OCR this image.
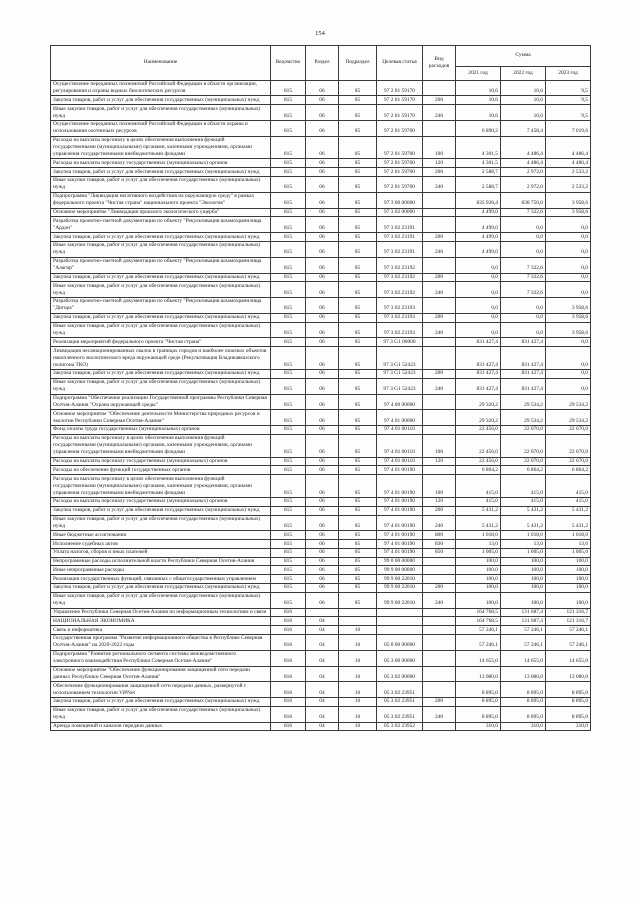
154
Наименование	Ведомство	Раздел	Подраздел	Целевая статья	Вид расходов	Сумма		
						2021 год	2022 год	2023 год
Осуществление переданных полномочий Российской Федерации в области организации, регулирования и охраны водных биологических ресурсов	815	06	05	97 2 01 59170		10,6	10,6	9,5
Закупка товаров, работ и услуг для обеспечения государственных (муниципальных) нужд	815	06	05	97 2 01 59170	200	10,6	10,6	9,5
Иные закупки товаров, работ и услуг для обеспечения государственных (муниципальных) нужд	815	06	05	97 2 01 59170	240	10,6	10,6	9,5
Осуществление переданных полномочий Российской Федерации в области охраны и использования охотничьих ресурсов	815	06	05	97 2 01 59700		6 890,2	7 458,4	7 019,6
Расходы на выплаты персоналу в целях обеспечения выполнения функций государственными (муниципальными) органами, казенными учреждениями, органами управления государственными внебюджетными фондами	815	06	05	97 2 01 59700	100	4 301,5	4 486,4	4 486,4
Расходы на выплаты персоналу государственных (муниципальных) органов	815	06	05	97 2 01 59700	120	4 301,5	4 486,4	4 486,4
Закупка товаров, работ и услуг для обеспечения государственных (муниципальных) нужд	815	06	05	97 2 01 59700	200	2 588,7	2 972,0	2 533,2
Иные закупки товаров, работ и услуг для обеспечения государственных (муниципальных) нужд	815	06	05	97 2 01 59700	240	2 588,7	2 972,0	2 533,2
Подпрограмма "Ликвидация негативного воздействия на окружающую среду" в рамках федерального проекта "Чистая страна" национального проекта "Экология"	815	06	05	97 3 00 00000		835 926,4	838 750,0	3 958,6
Основное мероприятие "Ликвидация прошлого экологического ущерба"	815	06	05	97 3 02 00000		4 499,0	7 322,6	3 958,6
Разработка проектно-сметной документации по объекту "Рекультивация шламохранилища "Ардон"	815	06	05	97 3 02 23191		4 499,0	0,0	0,0
Закупка товаров, работ и услуг для обеспечения государственных (муниципальных) нужд	815	06	05	97 3 02 23191	200	4 499,0	0,0	0,0
Иные закупки товаров, работ и услуг для обеспечения государственных (муниципальных) нужд	815	06	05	97 3 02 23191	240	4 499,0	0,0	0,0
Разработка проектно-сметной документации по объекту "Рекультивация шламохранилища "Алагир"	815	06	05	97 3 02 23192		0,0	7 322,6	0,0
Закупка товаров, работ и услуг для обеспечения государственных (муниципальных) нужд	815	06	05	97 3 02 23192	200	0,0	7 322,6	0,0
Иные закупки товаров, работ и услуг для обеспечения государственных (муниципальных) нужд	815	06	05	97 3 02 23192	240	0,0	7 322,6	0,0
Разработка проектно-сметной документации по объекту "Рекультивация шламохранилища "Дигора"	815	06	05	97 3 02 23193		0,0	0,0	3 958,6
Закупка товаров, работ и услуг для обеспечения государственных (муниципальных) нужд	815	06	05	97 3 02 23193	200	0,0	0,0	3 958,6
Иные закупки товаров, работ и услуг для обеспечения государственных (муниципальных) нужд	815	06	05	97 3 02 23193	240	0,0	0,0	3 958,6
Реализация мероприятий федерального проекта "Чистая страна"	815	06	05	97 3 G1 00000		831 427,4	831 427,4	0,0
Ликвидация несанкционированных свалок в границах городов и наиболее опасных объектов накопленного экологического вреда окружающей среде (Рекультивация Владикавказского полигона ТКО)	815	06	05	97 3 G1 52423		831 427,4	831 427,4	0,0
Закупка товаров, работ и услуг для обеспечения государственных (муниципальных) нужд	815	06	05	97 3 G1 52423	200	831 427,4	831 427,4	0,0
Иные закупки товаров, работ и услуг для обеспечения государственных (муниципальных) нужд	815	06	05	97 3 G1 52423	240	831 427,4	831 427,4	0,0
Подпрограмма "Обеспечение реализации Государственной программы Республики Северная Осетия-Алания "Охрана окружающей среды"	815	06	05	97 4 00 00000		29 320,2	29 534,2	29 534,2
Основное мероприятие "Обеспечение деятельности Министерства природных ресурсов и экологии Республики Северная Осетия-Алания"	815	06	05	97 4 01 00000		29 320,2	29 534,2	29 534,2
Фонд оплаты труда государственных (муниципальных) органов	815	06	05	97 4 01 00110		22 456,0	22 670,0	22 670,0
Расходы на выплаты персоналу в целях обеспечения выполнения функций государственными (муниципальными) органами, казенными учреждениями, органами управления государственными внебюджетными фондами	815	06	05	97 4 01 00110	100	22 456,0	22 670,0	22 670,0
Расходы на выплаты персоналу государственных (муниципальных) органов	815	06	05	97 4 01 00110	120	22 456,0	22 670,0	22 670,0
Расходы на обеспечение функций государственных органов	815	06	05	97 4 01 00190		6 864,2	6 864,2	6 864,2
Расходы на выплаты персоналу в целях обеспечения выполнения функций государственными (муниципальными) органами, казенными учреждениями, органами управления государственными внебюджетными фондами	815	06	05	97 4 01 00190	100	415,0	415,0	415,0
Расходы на выплаты персоналу государственных (муниципальных) органов	815	06	05	97 4 01 00190	120	415,0	415,0	415,0
Закупка товаров, работ и услуг для обеспечения государственных (муниципальных) нужд	815	06	05	97 4 01 00190	200	5 431,2	5 431,2	5 431,2
Иные закупки товаров, работ и услуг для обеспечения государственных (муниципальных) нужд	815	06	05	97 4 01 00190	240	5 431,2	5 431,2	5 431,2
Иные бюджетные ассигнования	815	06	05	97 4 01 00190	800	1 018,0	1 018,0	1 018,0
Исполнение судебных актов	815	06	05	97 4 01 00190	830	13,0	13,0	13,0
Уплата налогов, сборов и иных платежей	815	06	05	97 4 01 00190	850	1 005,0	1 005,0	1 005,0
Непрограммные расходы исполнительной власти Республики Северная Осетия-Алания	815	06	05	99 0 00 00000		100,0	100,0	100,0
Иные непрограммные расходы	815	06	05	99 9 00 00000		100,0	100,0	100,0
Реализация государственных функций, связанных с общегосударственным управлением	815	06	05	99 9 00 22010		100,0	100,0	100,0
Закупка товаров, работ и услуг для обеспечения государственных (муниципальных) нужд	815	06	05	99 9 00 22010	200	100,0	100,0	100,0
Иные закупки товаров, работ и услуг для обеспечения государственных (муниципальных) нужд	815	06	05	99 9 00 22010	240	100,0	100,0	100,0
Управление Республики Северная Осетия-Алания по информационным технологиям и связи	816					164 768,5	131 687,4	121 316,7
НАЦИОНАЛЬНАЯ ЭКОНОМИКА	816	04				164 768,5	131 687,4	121 316,7
Связь и информатика	816	04	10			57 246,1	57 246,1	57 246,1
Государственная программа "Развитие информационного общества в Республике Северная Осетия-Алания" на 2020-2022 годы	816	04	10	05 0 00 00000		57 246,1	57 246,1	57 246,1
Подпрограмма "Развитие регионального сегмента системы межведомственного электронного взаимодействия Республики Северная Осетия-Алания"	816	04	10	05 3 00 00000		14 655,0	14 655,0	14 655,0
Основное мероприятие "Обеспечение функционирования защищенной сети передачи данных Республики Северная Осетия-Алания"	816	04	10	05 3 02 00000		13 080,0	13 080,0	13 080,0
Обеспечение функционирования защищенной сети передачи данных, развернутой с использованием технологии ViPNet	816	04	10	05 3 02 23951		8 895,0	8 895,0	8 895,0
Закупка товаров, работ и услуг для обеспечения государственных (муниципальных) нужд	816	04	10	05 3 02 23951	200	8 895,0	8 895,0	8 895,0
Иные закупки товаров, работ и услуг для обеспечения государственных (муниципальных) нужд	816	04	10	05 3 02 23951	240	8 895,0	8 895,0	8 895,0
Аренда помещений и каналов передачи данных	816	04	10	05 3 02 23952		310,0	310,0	310,0
